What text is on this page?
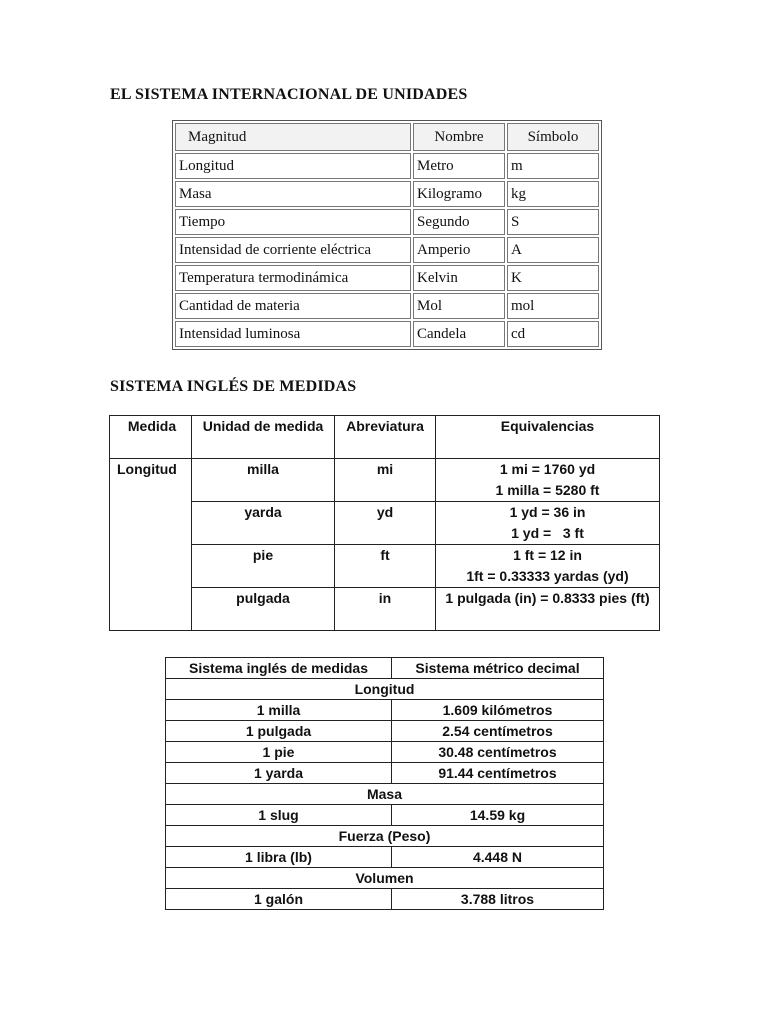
EL SISTEMA INTERNACIONAL DE UNIDADES
Magnitud	Nombre	Símbolo
Longitud	Metro	m
Masa	Kilogramo	kg
Tiempo	Segundo	S
Intensidad de corriente eléctrica	Amperio	A
Temperatura termodinámica	Kelvin	K
Cantidad de materia	Mol	mol
Intensidad luminosa	Candela	cd
SISTEMA INGLÉS DE MEDIDAS
Medida	Unidad de medida	Abreviatura	Equivalencias
Longitud	milla	mi	1 mi = 1760 yd
1 milla = 5280 ft

	yarda	yd	1 yd = 36 in
1 yd =   3 ft

	pie	ft	1 ft = 12 in
1ft = 0.33333 yardas (yd)

	pulgada	in	1 pulgada (in) = 0.8333 pies (ft)
Sistema inglés de medidas	Sistema métrico decimal
Longitud	
1 milla	1.609 kilómetros
1 pulgada	2.54 centímetros
1 pie	30.48 centímetros
1 yarda	91.44 centímetros
Masa	
1 slug	14.59 kg
Fuerza (Peso)	
1 libra (lb)	4.448 N
Volumen	
1 galón	3.788 litros
